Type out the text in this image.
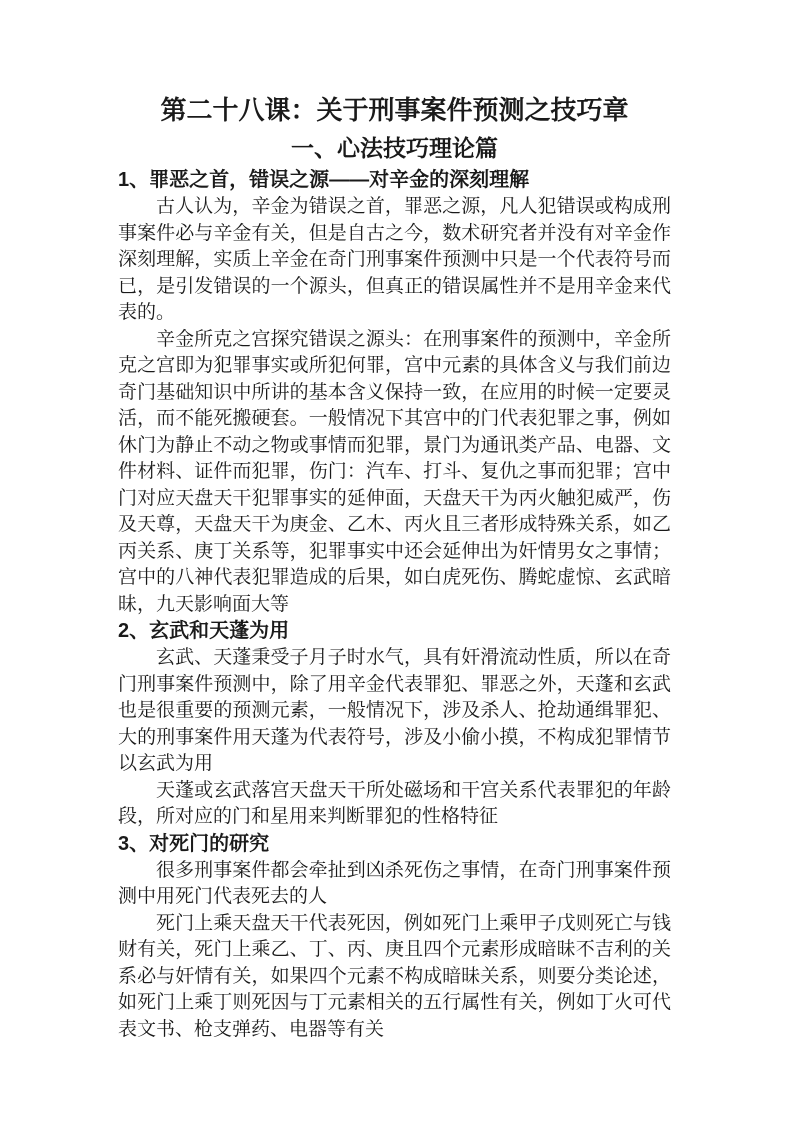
第二十八课：关于刑事案件预测之技巧章
一、心法技巧理论篇
1、罪恶之首，错误之源——对辛金的深刻理解

古人认为，辛金为错误之首，罪恶之源，凡人犯错误或构成刑事案件必与辛金有关，但是自古之今，数术研究者并没有对辛金作深刻理解，实质上辛金在奇门刑事案件预测中只是一个代表符号而已，是引发错误的一个源头，但真正的错误属性并不是用辛金来代表的。

辛金所克之宫探究错误之源头：在刑事案件的预测中，辛金所克之宫即为犯罪事实或所犯何罪，宫中元素的具体含义与我们前边奇门基础知识中所讲的基本含义保持一致，在应用的时候一定要灵活，而不能死搬硬套。一般情况下其宫中的门代表犯罪之事，例如休门为静止不动之物或事情而犯罪，景门为通讯类产品、电器、文件材料、证件而犯罪，伤门：汽车、打斗、复仇之事而犯罪；宫中门对应天盘天干犯罪事实的延伸面，天盘天干为丙火触犯威严，伤及天尊，天盘天干为庚金、乙木、丙火且三者形成特殊关系，如乙丙关系、庚丁关系等，犯罪事实中还会延伸出为奸情男女之事情；宫中的八神代表犯罪造成的后果，如白虎死伤、腾蛇虚惊、玄武暗昧，九天影响面大等

2、玄武和天蓬为用

玄武、天蓬秉受子月子时水气，具有奸滑流动性质，所以在奇门刑事案件预测中，除了用辛金代表罪犯、罪恶之外，天蓬和玄武也是很重要的预测元素，一般情况下，涉及杀人、抢劫通缉罪犯、大的刑事案件用天蓬为代表符号，涉及小偷小摸，不构成犯罪情节以玄武为用

天蓬或玄武落宫天盘天干所处磁场和干宫关系代表罪犯的年龄段，所对应的门和星用来判断罪犯的性格特征

3、对死门的研究

很多刑事案件都会牵扯到凶杀死伤之事情，在奇门刑事案件预测中用死门代表死去的人

死门上乘天盘天干代表死因，例如死门上乘甲子戊则死亡与钱财有关，死门上乘乙、丁、丙、庚且四个元素形成暗昧不吉利的关系必与奸情有关，如果四个元素不构成暗昧关系，则要分类论述，如死门上乘丁则死因与丁元素相关的五行属性有关，例如丁火可代表文书、枪支弹药、电器等有关
